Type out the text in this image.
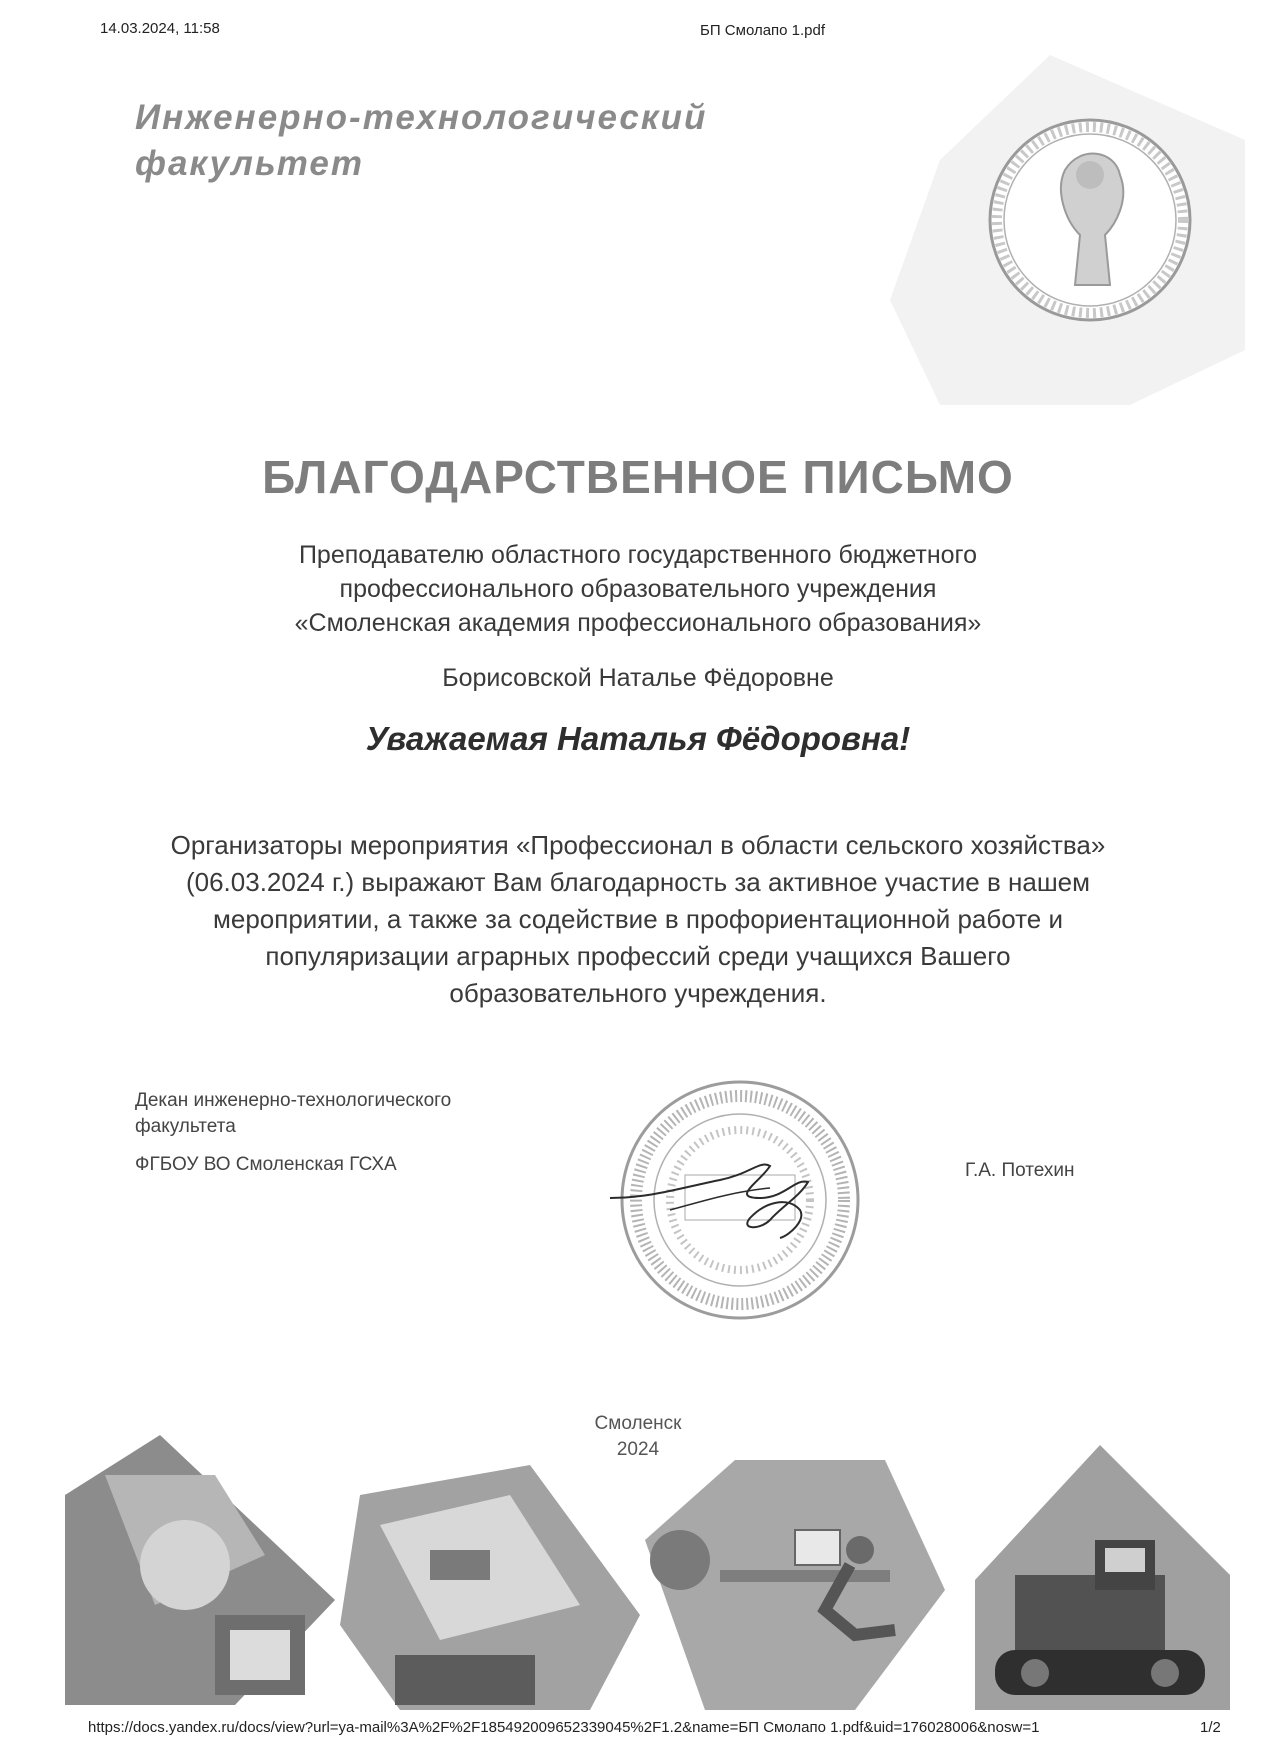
14.03.2024, 11:58	БП Смолапо 1.pdf
Инженерно-технологический
факультет
БЛАГОДАРСТВЕННОЕ ПИСЬМО
Преподавателю областного государственного бюджетного
профессионального образовательного учреждения
«Смоленская академия профессионального образования»
Борисовской Наталье Фёдоровне
Уважаемая Наталья Фёдоровна!
Организаторы мероприятия «Профессионал в области сельского хозяйства»
(06.03.2024 г.) выражают Вам благодарность за активное участие в нашем
мероприятии, а также за содействие в профориентационной работе и
популяризации аграрных профессий среди учащихся Вашего
образовательного учреждения.
Декан инженерно-технологического
факультета
ФГБОУ ВО Смоленская ГСХА	Г.А. Потехин
Смоленск
2024
https://docs.yandex.ru/docs/view?url=ya-mail%3A%2F%2F185492009652339045%2F1.2&name=БП Смолапо 1.pdf&uid=176028006&nosw=1	1/2
